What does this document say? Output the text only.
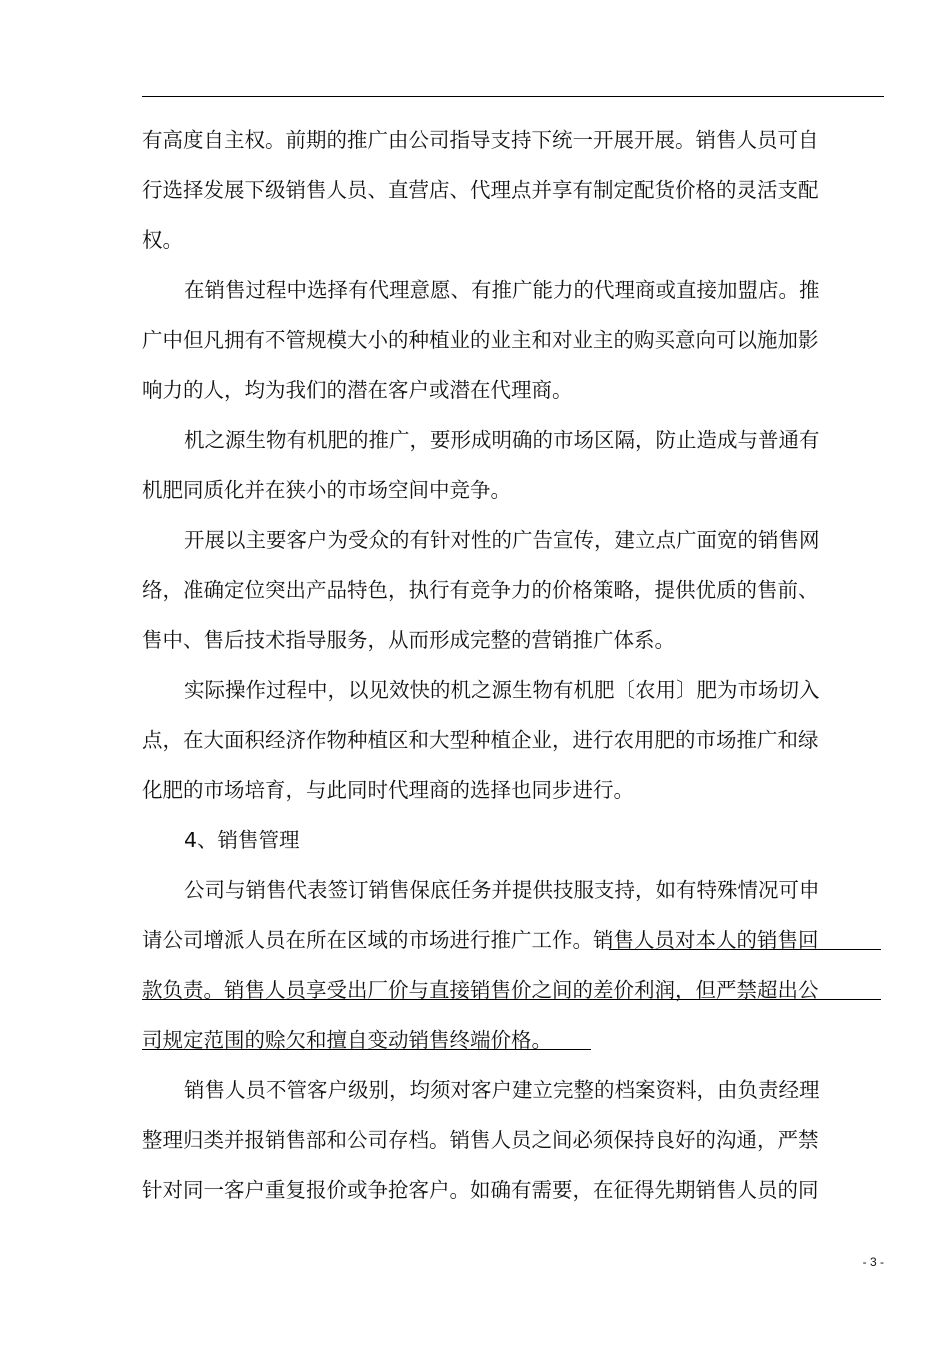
有高度自主权。前期的推广由公司指导支持下统一开展开展。销售人员可自
行选择发展下级销售人员、直营店、代理点并享有制定配货价格的灵活支配
权。
在销售过程中选择有代理意愿、有推广能力的代理商或直接加盟店。推
广中但凡拥有不管规模大小的种植业的业主和对业主的购买意向可以施加影
响力的人，均为我们的潜在客户或潜在代理商。
机之源生物有机肥的推广，要形成明确的市场区隔，防止造成与普通有
机肥同质化并在狭小的市场空间中竞争。
开展以主要客户为受众的有针对性的广告宣传，建立点广面宽的销售网
络，准确定位突出产品特色，执行有竞争力的价格策略，提供优质的售前、
售中、售后技术指导服务，从而形成完整的营销推广体系。
实际操作过程中，以见效快的机之源生物有机肥〔农用〕肥为市场切入
点，在大面积经济作物种植区和大型种植企业，进行农用肥的市场推广和绿
化肥的市场培育，与此同时代理商的选择也同步进行。
4、销售管理
公司与销售代表签订销售保底任务并提供技服支持，如有特殊情况可申
请公司增派人员在所在区域的市场进行推广工作。销售人员对本人的销售回
款负责。销售人员享受出厂价与直接销售价之间的差价利润，但严禁超出公
司规定范围的赊欠和擅自变动销售终端价格。
销售人员不管客户级别，均须对客户建立完整的档案资料，由负责经理
整理归类并报销售部和公司存档。销售人员之间必须保持良好的沟通，严禁
针对同一客户重复报价或争抢客户。如确有需要，在征得先期销售人员的同
- 3 -
